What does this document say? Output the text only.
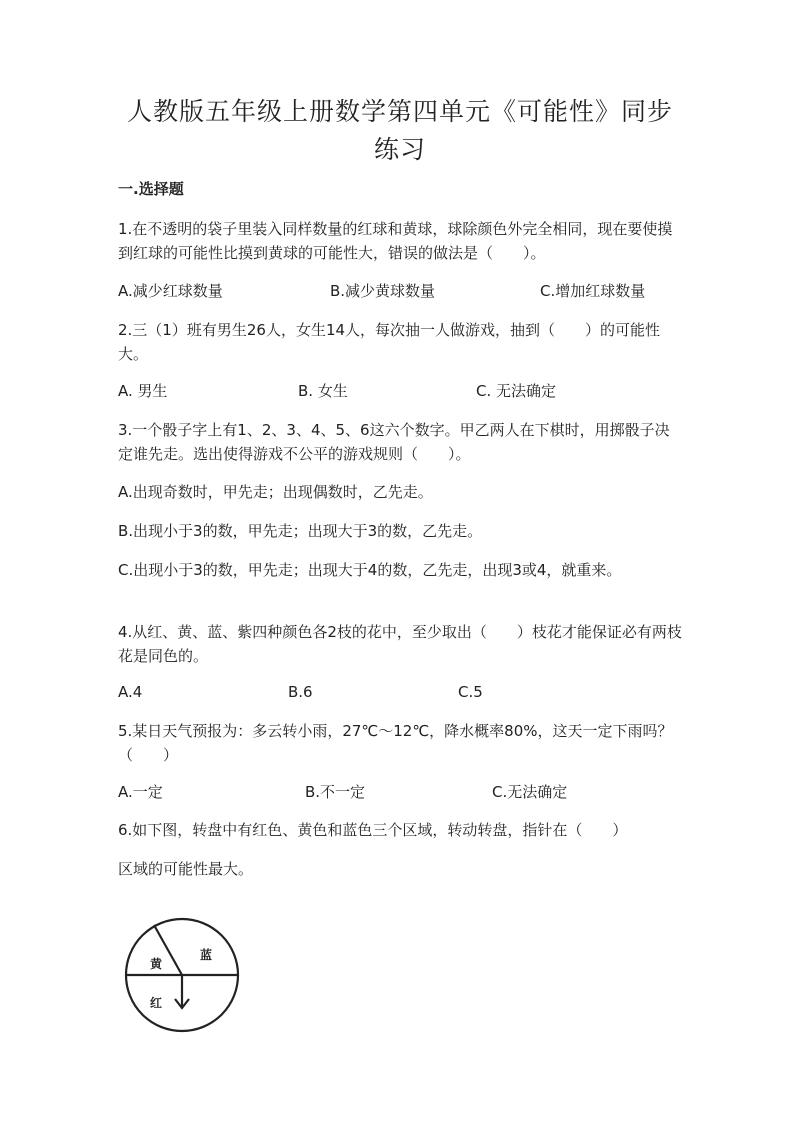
人教版五年级上册数学第四单元《可能性》同步练习
一.选择题
1.在不透明的袋子里装入同样数量的红球和黄球，球除颜色外完全相同，现在要使摸到红球的可能性比摸到黄球的可能性大，错误的做法是（　　）。
A.减少红球数量	B.减少黄球数量	C.增加红球数量
2.三（1）班有男生26人，女生14人，每次抽一人做游戏，抽到（　　）的可能性大。
A. 男生	B. 女生	C. 无法确定
3.一个骰子字上有1、2、3、4、5、6这六个数字。甲乙两人在下棋时，用掷骰子决定谁先走。选出使得游戏不公平的游戏规则（　　）。
A.出现奇数时，甲先走；出现偶数时，乙先走。
B.出现小于3的数，甲先走；出现大于3的数，乙先走。
C.出现小于3的数，甲先走；出现大于4的数，乙先走，出现3或4，就重来。
4.从红、黄、蓝、紫四种颜色各2枝的花中，至少取出（　　）枝花才能保证必有两枝花是同色的。
A.4	B.6	C.5
5.某日天气预报为：多云转小雨，27℃～12℃，降水概率80%，这天一定下雨吗？（　　）
A.一定	B.不一定	C.无法确定
6.如下图，转盘中有红色、黄色和蓝色三个区域，转动转盘，指针在（　　）
区域的可能性最大。
黄
蓝
红
